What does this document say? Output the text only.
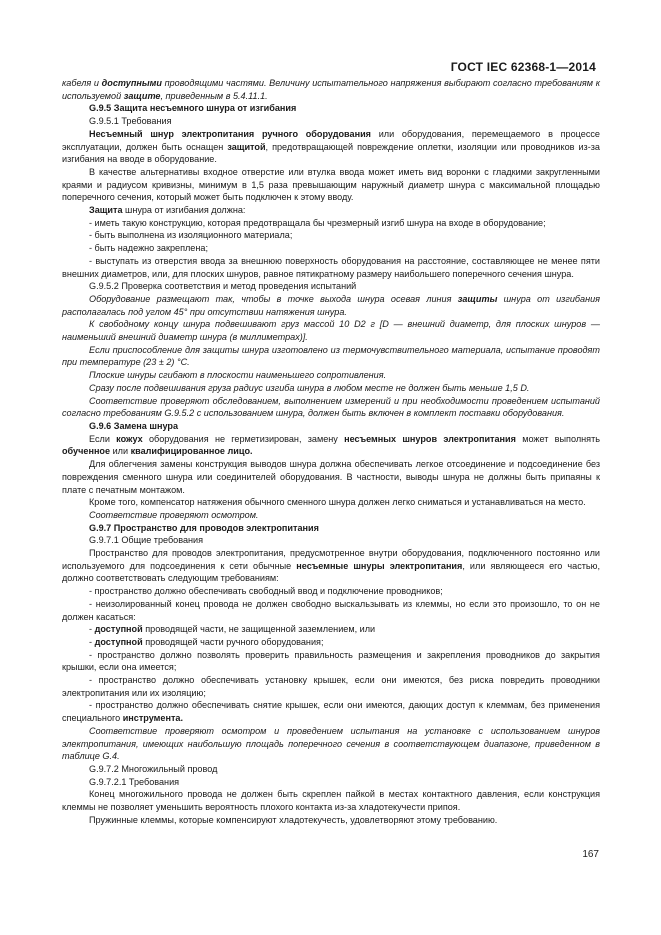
ГОСТ IEC 62368-1—2014

кабеля и доступными проводящими частями. Величину испытательного напряжения выбирают согласно требованиям к используемой защите, приведенным в 5.4.11.1.

G.9.5 Защита несъемного шнура от изгибания

G.9.5.1 Требования

Несъемный шнур электропитания ручного оборудования или оборудования, перемещаемого в процессе эксплуатации, должен быть оснащен защитой, предотвращающей повреждение оплетки, изоляции или проводников из-за изгибания на вводе в оборудование.

В качестве альтернативы входное отверстие или втулка ввода может иметь вид воронки с гладкими закругленными краями и радиусом кривизны, минимум в 1,5 раза превышающим наружный диаметр шнура с максимальной площадью поперечного сечения, который может быть подключен к этому вводу.

Защита шнура от изгибания должна:

- иметь такую конструкцию, которая предотвращала бы чрезмерный изгиб шнура на входе в оборудование;

- быть выполнена из изоляционного материала;

- быть надежно закреплена;

- выступать из отверстия ввода за внешнюю поверхность оборудования на расстояние, составляющее не менее пяти внешних диаметров, или, для плоских шнуров, равное пятикратному размеру наибольшего поперечного сечения шнура.

G.9.5.2 Проверка соответствия и метод проведения испытаний

Оборудование размещают так, чтобы в точке выхода шнура осевая линия защиты шнура от изгибания располагалась под углом 45° при отсутствии натяжения шнура.

К свободному концу шнура подвешивают груз массой 10 D2 г [D — внешний диаметр, для плоских шнуров — наименьший внешний диаметр шнура (в миллиметрах)].

Если приспособление для защиты шнура изготовлено из термочувствительного материала, испытание проводят при температуре (23 ± 2) °С.

Плоские шнуры сгибают в плоскости наименьшего сопротивления.

Сразу после подвешивания груза радиус изгиба шнура в любом месте не должен быть меньше 1,5 D.

Соответствие проверяют обследованием, выполнением измерений и при необходимости проведением испытаний согласно требованиям G.9.5.2 с использованием шнура, должен быть включен в комплект поставки оборудования.

G.9.6 Замена шнура

Если кожух оборудования не герметизирован, замену несъемных шнуров электропитания может выполнять обученное или квалифицированное лицо.

Для облегчения замены конструкция выводов шнура должна обеспечивать легкое отсоединение и подсоединение без повреждения сменного шнура или соединителей оборудования. В частности, выводы шнура не должны быть припаяны к плате с печатным монтажом.

Кроме того, компенсатор натяжения обычного сменного шнура должен легко сниматься и устанавливаться на место.

Соответствие проверяют осмотром.

G.9.7 Пространство для проводов электропитания

G.9.7.1 Общие требования

Пространство для проводов электропитания, предусмотренное внутри оборудования, подключенного постоянно или используемого для подсоединения к сети обычные несъемные шнуры электропитания, или являющееся его частью, должно соответствовать следующим требованиям:

- пространство должно обеспечивать свободный ввод и подключение проводников;

- неизолированный конец провода не должен свободно выскальзывать из клеммы, но если это произошло, то он не должен касаться:

- доступной проводящей части, не защищенной заземлением, или

- доступной проводящей части ручного оборудования;

- пространство должно позволять проверить правильность размещения и закрепления проводников до закрытия крышки, если она имеется;

- пространство должно обеспечивать установку крышек, если они имеются, без риска повредить проводники электропитания или их изоляцию;

- пространство должно обеспечивать снятие крышек, если они имеются, дающих доступ к клеммам, без применения специального инструмента.

Соответствие проверяют осмотром и проведением испытания на установке с использованием шнуров электропитания, имеющих наибольшую площадь поперечного сечения в соответствующем диапазоне, приведенном в таблице G.4.

G.9.7.2 Многожильный провод

G.9.7.2.1 Требования

Конец многожильного провода не должен быть скреплен пайкой в местах контактного давления, если конструкция клеммы не позволяет уменьшить вероятность плохого контакта из-за хладотекучести припоя.

Пружинные клеммы, которые компенсируют хладотекучесть, удовлетворяют этому требованию.

167
